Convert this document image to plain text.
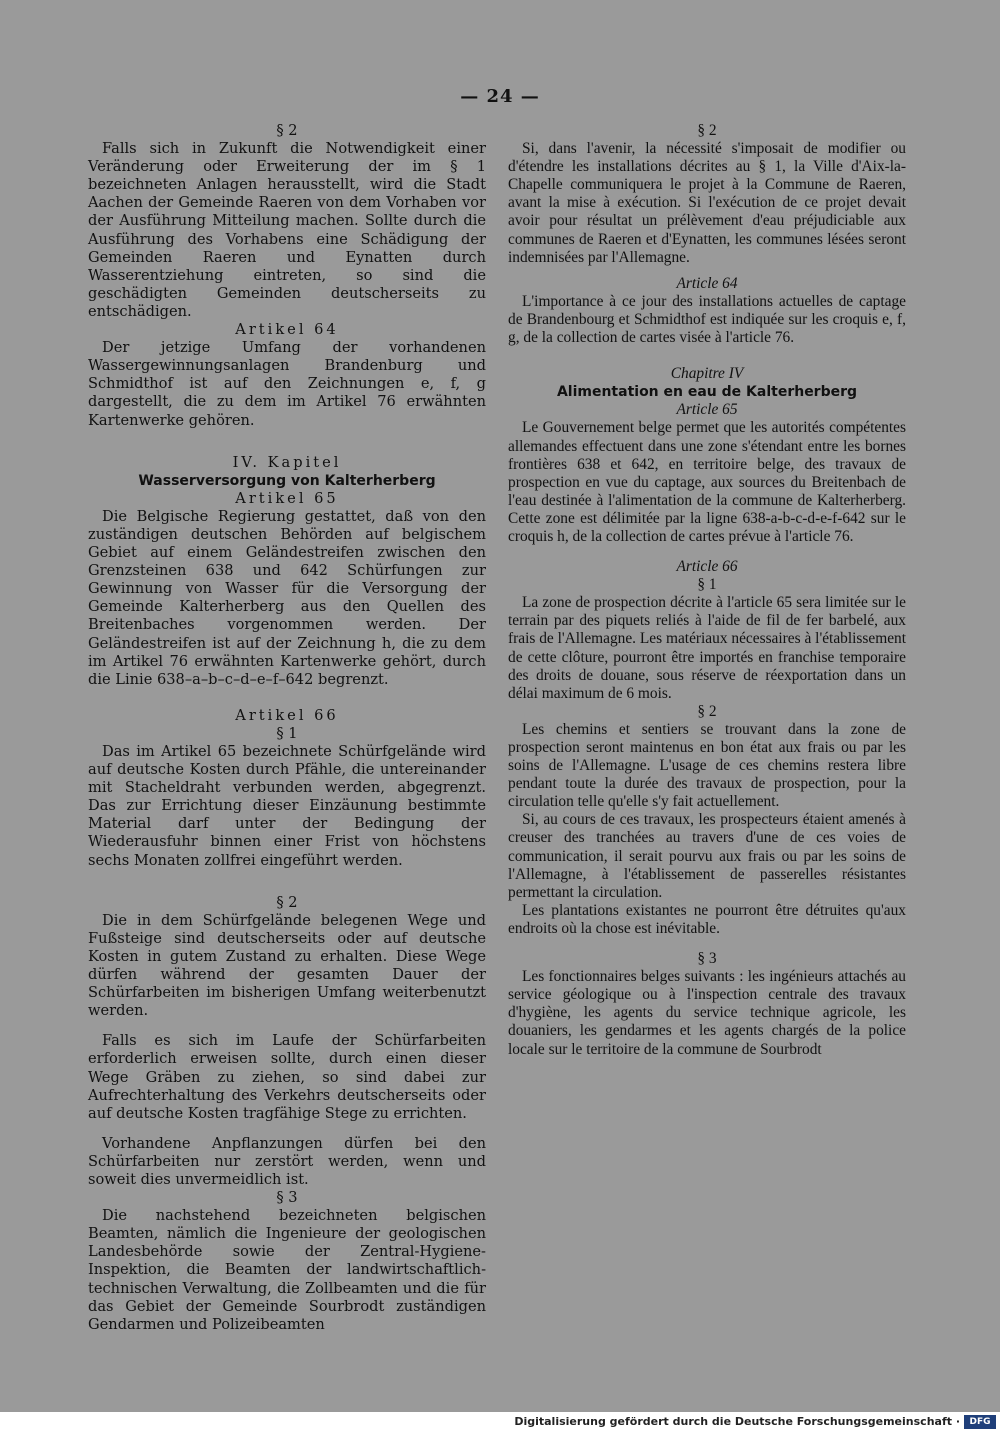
— 24 —

§ 2

Falls sich in Zukunft die Notwendigkeit einer Veränderung oder Erweiterung der im § 1 bezeichneten Anlagen herausstellt, wird die Stadt Aachen der Gemeinde Raeren von dem Vorhaben vor der Ausführung Mitteilung machen. Sollte durch die Ausführung des Vorhabens eine Schädigung der Gemeinden Raeren und Eynatten durch Wasserentziehung eintreten, so sind die geschädigten Gemeinden deutscherseits zu entschädigen.

Artikel 64

Der jetzige Umfang der vorhandenen Wassergewinnungsanlagen Brandenburg und Schmidthof ist auf den Zeichnungen e, f, g dargestellt, die zu dem im Artikel 76 erwähnten Kartenwerke gehören.

IV. Kapitel

Wasserversorgung von Kalterherberg

Artikel 65

Die Belgische Regierung gestattet, daß von den zuständigen deutschen Behörden auf belgischem Gebiet auf einem Geländestreifen zwischen den Grenzsteinen 638 und 642 Schürfungen zur Gewinnung von Wasser für die Versorgung der Gemeinde Kalterherberg aus den Quellen des Breitenbaches vorgenommen werden. Der Geländestreifen ist auf der Zeichnung h, die zu dem im Artikel 76 erwähnten Kartenwerke gehört, durch die Linie 638–a–b–c–d–e–f–642 begrenzt.

Artikel 66

§ 1

Das im Artikel 65 bezeichnete Schürfgelände wird auf deutsche Kosten durch Pfähle, die untereinander mit Stacheldraht verbunden werden, abgegrenzt. Das zur Errichtung dieser Einzäunung bestimmte Material darf unter der Bedingung der Wiederausfuhr binnen einer Frist von höchstens sechs Monaten zollfrei eingeführt werden.

§ 2

Die in dem Schürfgelände belegenen Wege und Fußsteige sind deutscherseits oder auf deutsche Kosten in gutem Zustand zu erhalten. Diese Wege dürfen während der gesamten Dauer der Schürfarbeiten im bisherigen Umfang weiterbenutzt werden.

Falls es sich im Laufe der Schürfarbeiten erforderlich erweisen sollte, durch einen dieser Wege Gräben zu ziehen, so sind dabei zur Aufrechterhaltung des Verkehrs deutscherseits oder auf deutsche Kosten tragfähige Stege zu errichten.

Vorhandene Anpflanzungen dürfen bei den Schürfarbeiten nur zerstört werden, wenn und soweit dies unvermeidlich ist.

§ 3

Die nachstehend bezeichneten belgischen Beamten, nämlich die Ingenieure der geologischen Landesbehörde sowie der Zentral-Hygiene-Inspektion, die Beamten der landwirtschaftlich-technischen Verwaltung, die Zollbeamten und die für das Gebiet der Gemeinde Sourbrodt zuständigen Gendarmen und Polizeibeamten

§ 2

Si, dans l'avenir, la nécessité s'imposait de modifier ou d'étendre les installations décrites au § 1, la Ville d'Aix-la-Chapelle communiquera le projet à la Commune de Raeren, avant la mise à exécution. Si l'exécution de ce projet devait avoir pour résultat un prélèvement d'eau préjudiciable aux communes de Raeren et d'Eynatten, les communes lésées seront indemnisées par l'Allemagne.

Article 64

L'importance à ce jour des installations actuelles de captage de Brandenbourg et Schmidthof est indiquée sur les croquis e, f, g, de la collection de cartes visée à l'article 76.

Chapitre IV

Alimentation en eau de Kalterherberg

Article 65

Le Gouvernement belge permet que les autorités compétentes allemandes effectuent dans une zone s'étendant entre les bornes frontières 638 et 642, en territoire belge, des travaux de prospection en vue du captage, aux sources du Breitenbach de l'eau destinée à l'alimentation de la commune de Kalterherberg. Cette zone est délimitée par la ligne 638-a-b-c-d-e-f-642 sur le croquis h, de la collection de cartes prévue à l'article 76.

Article 66

§ 1

La zone de prospection décrite à l'article 65 sera limitée sur le terrain par des piquets reliés à l'aide de fil de fer barbelé, aux frais de l'Allemagne. Les matériaux nécessaires à l'établissement de cette clôture, pourront être importés en franchise temporaire des droits de douane, sous réserve de réexportation dans un délai maximum de 6 mois.

§ 2

Les chemins et sentiers se trouvant dans la zone de prospection seront maintenus en bon état aux frais ou par les soins de l'Allemagne. L'usage de ces chemins restera libre pendant toute la durée des travaux de prospection, pour la circulation telle qu'elle s'y fait actuellement.

Si, au cours de ces travaux, les prospecteurs étaient amenés à creuser des tranchées au travers d'une de ces voies de communication, il serait pourvu aux frais ou par les soins de l'Allemagne, à l'établissement de passerelles résistantes permettant la circulation.

Les plantations existantes ne pourront être détruites qu'aux endroits où la chose est inévitable.

§ 3

Les fonctionnaires belges suivants : les ingénieurs attachés au service géologique ou à l'inspection centrale des travaux d'hygiène, les agents du service technique agricole, les douaniers, les gendarmes et les agents chargés de la police locale sur le territoire de la commune de Sourbrodt

Digitalisierung gefördert durch die Deutsche Forschungsgemeinschaft ·	DFG
